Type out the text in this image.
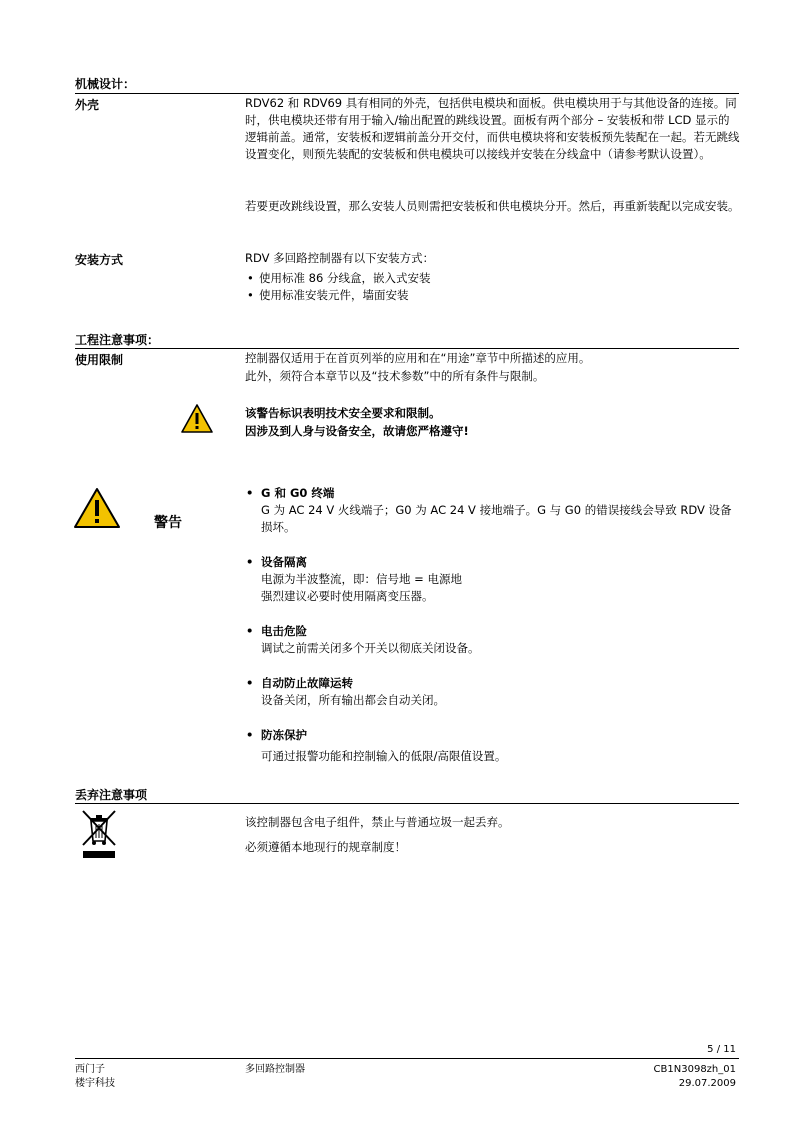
机械设计：
外壳	RDV62 和 RDV69 具有相同的外壳，包括供电模块和面板。供电模块用于与其他设备的连接。同时，供电模块还带有用于输入/输出配置的跳线设置。面板有两个部分 – 安装板和带 LCD 显示的逻辑前盖。通常，安装板和逻辑前盖分开交付，而供电模块将和安装板预先装配在一起。若无跳线设置变化，则预先装配的安装板和供电模块可以接线并安装在分线盒中（请参考默认设置）。
若要更改跳线设置，那么安装人员则需把安装板和供电模块分开。然后，再重新装配以完成安装。
安装方式	RDV 多回路控制器有以下安装方式：
• 使用标准 86 分线盒，嵌入式安装
• 使用标准安装元件，墙面安装
工程注意事项：
使用限制	控制器仅适用于在首页列举的应用和在“用途”章节中所描述的应用。
此外，须符合本章节以及“技术参数”中的所有条件与限制。
该警告标识表明技术安全要求和限制。
因涉及到人身与设备安全，故请您严格遵守!
警告
• G 和 G0 终端
G 为 AC 24 V 火线端子；G0 为 AC 24 V 接地端子。G 与 G0 的错误接线会导致 RDV 设备损坏。
• 设备隔离
电源为半波整流，即：信号地 = 电源地
强烈建议必要时使用隔离变压器。
• 电击危险
调试之前需关闭多个开关以彻底关闭设备。
• 自动防止故障运转
设备关闭，所有输出都会自动关闭。
• 防冻保护
可通过报警功能和控制输入的低限/高限值设置。
丢弃注意事项
该控制器包含电子组件，禁止与普通垃圾一起丢弃。
必须遵循本地现行的规章制度！
5 / 11
西门子
楼宇科技
多回路控制器	CB1N3098zh_01
29.07.2009
